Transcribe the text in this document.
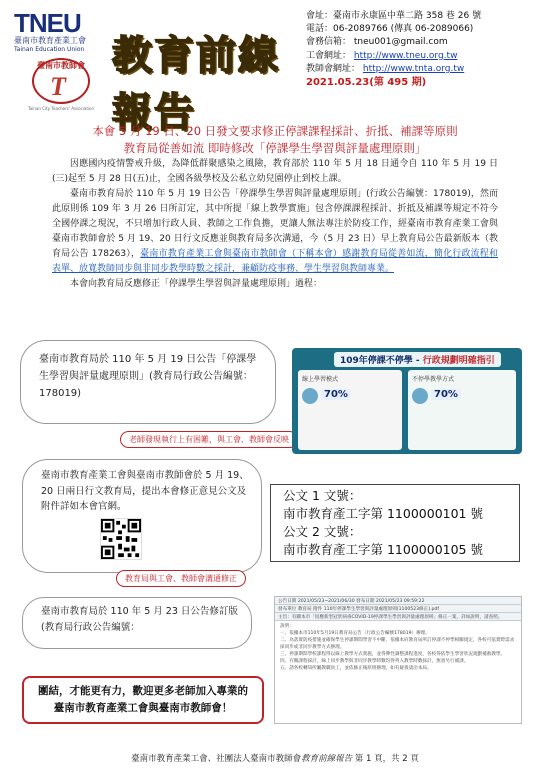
TNEU
臺南市教育產業工會
Tainan Education Union
臺南市教師會
T
Tainan City Teachers' Association
教育前線報告
會址：臺南市永康區中華二路 358 巷 26 號
電話：06-2089766 (傳真 06-2089066)
會務信箱： tneu001@gmail.com
工會網址： http://www.tneu.org.tw
教師會網址： http://www.tnta.org.tw
2021.05.23(第 495 期)
本會 5 月 19 日、20 日發文要求修正停課課程採計、折抵、補課等原則
教育局從善如流 即時修改「停課學生學習與評量處理原則」

因應國內疫情警戒升級，為降低群聚感染之風險，教育部於 110 年 5 月 18 日通令自 110 年 5 月 19 日(三)起至 5 月 28 日(五)止，全國各級學校及公私立幼兒園停止到校上課。

臺南市教育局於 110 年 5 月 19 日公告「停課學生學習與評量處理原則」(行政公告編號：178019)，然而此原則係 109 年 3 月 26 日所訂定，其中所提「線上教學實施」包含停課課程採計、折抵及補課等規定不符今全國停課之現況，不只增加行政人員、教師之工作負擔，更讓人無法專注於防疫工作，經臺南市教育產業工會與臺南市教師會於 5 月 19、20 日行文反應並與教育局多次溝通，今（5 月 23 日）早上教育局公告最新版本（教育局公告 178263），臺南市教育產業工會與臺南市教師會（下稱本會）感謝教育局從善如流，簡化行政流程和表單、放寬教師同步與非同步教學時數之採計，兼顧防疫事務、學生學習與教師專業。

本會向教育局反應修正「停課學生學習與評量處理原則」過程：

臺南市教育局於 110 年 5 月 19 日公告「停課學生學習與評量處理原則」(教育局行政公告編號：178019)
老師發現執行上有困難，與工會、教師會反映
109年停課不停學 - 行政規劃明確指引
線上學習模式
70%
不停學教學方式
70%
臺南市教育產業工會與臺南市教師會於 5 月 19、20 日兩日行文教育局，提出本會修正意見公文及附件詳如本會官網。
教育局與工會、教師會溝通修正
公文 1 文號：
南市教育產工字第 1100000101 號
公文 2 文號：
南市教育產工字第 1100000105 號
臺南市教育局於 110 年 5 月 23 日公告修訂版(教育局行政公告編號：
公告日期 2021/05/23~2021/06/30 發布日期 2021/05/23 09:59:22
發布單位 教育局 附件 110年停課學生學習與評量處理原則(1100523修正).pdf
主旨：有關本市「因應新型冠狀病毒COVID-19停課學生學習與評量處理原則」修正一案，詳如說明，請查照。
說明：
一、依據本市110年5月19日教育局公告（行政公告編號178019）辦理。
二、為落實防疫措施並確保學生停課期間學習不中斷，依據本府教育局所訂停課不停學相關規定，各校可依實際需求採同步或非同步教學方式辦理。
三、停課期間學校課程得以線上教學方式實施，並得彈性調整課程進度，各校得依學生學習狀況規劃補救教學。
四、有關課程採計，線上同步教學與非同步教學時數均得列入教學時數採計，無須另行補課。
五、請各校轉知所屬教職員工，並依修正後原則辦理，如有疑義請洽本局。
團結，才能更有力，歡迎更多老師加入專業的
臺南市教育產業工會與臺南市教師會！
臺南市教育產業工會、社團法人臺南市教師會教育前線報告 第 1 頁，共 2 頁
